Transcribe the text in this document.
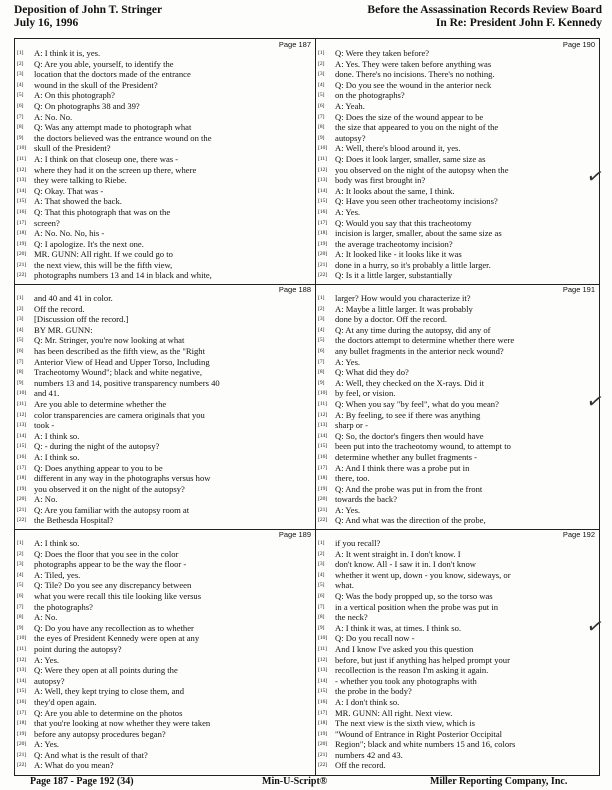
Deposition of John T. Stringer
July 16, 1996
Before the Assassination Records Review Board
In Re: President John F. Kennedy
Page 187
[1] A: I think it is, yes.
[2] Q: Are you able, yourself, to identify the
[3] location that the doctors made of the entrance
[4] wound in the skull of the President?
[5] A: On this photograph?
[6] Q: On photographs 38 and 39?
[7] A: No. No.
[8] Q: Was any attempt made to photograph what
[9] the doctors believed was the entrance wound on the
[10] skull of the President?
[11] A: I think on that closeup one, there was -
[12] where they had it on the screen up there, where
[13] they were talking to Riebe.
[14] Q: Okay. That was -
[15] A: That showed the back.
[16] Q: That this photograph that was on the
[17] screen?
[18] A: No. No. No, his -
[19] Q: I apologize. It's the next one.
[20] MR. GUNN: All right. If we could go to
[21] the next view, this will be the fifth view,
[22] photographs numbers 13 and 14 in black and white,
Page 188
[1] and 40 and 41 in color.
[2] Off the record.
[3] [Discussion off the record.]
[4] BY MR. GUNN:
[5] Q: Mr. Stringer, you're now looking at what
[6] has been described as the fifth view, as the "Right
[7] Anterior View of Head and Upper Torso, Including
[8] Tracheotomy Wound"; black and white negative,
[9] numbers 13 and 14, positive transparency numbers 40
[10] and 41.
[11] Are you able to determine whether the
[12] color transparencies are camera originals that you
[13] took -
[14] A: I think so.
[15] Q: - during the night of the autopsy?
[16] A: I think so.
[17] Q: Does anything appear to you to be
[18] different in any way in the photographs versus how
[19] you observed it on the night of the autopsy?
[20] A: No.
[21] Q: Are you familiar with the autopsy room at
[22] the Bethesda Hospital?
Page 189
[1] A: I think so.
[2] Q: Does the floor that you see in the color
[3] photographs appear to be the way the floor -
[4] A: Tiled, yes.
[5] Q: Tile? Do you see any discrepancy between
[6] what you were recall this tile looking like versus
[7] the photographs?
[8] A: No.
[9] Q: Do you have any recollection as to whether
[10] the eyes of President Kennedy were open at any
[11] point during the autopsy?
[12] A: Yes.
[13] Q: Were they open at all points during the
[14] autopsy?
[15] A: Well, they kept trying to close them, and
[16] they'd open again.
[17] Q: Are you able to determine on the photos
[18] that you're looking at now whether they were taken
[19] before any autopsy procedures began?
[20] A: Yes.
[21] Q: And what is the result of that?
[22] A: What do you mean?
Page 190
[1] Q: Were they taken before?
[2] A: Yes. They were taken before anything was
[3] done. There's no incisions. There's no nothing.
[4] Q: Do you see the wound in the anterior neck
[5] on the photographs?
[6] A: Yeah.
[7] Q: Does the size of the wound appear to be
[8] the size that appeared to you on the night of the
[9] autopsy?
[10] A: Well, there's blood around it, yes.
[11] Q: Does it look larger, smaller, same size as
[12] you observed on the night of the autopsy when the
[13] body was first brought in?
[14] A: It looks about the same, I think.
[15] Q: Have you seen other tracheotomy incisions?
[16] A: Yes.
[17] Q: Would you say that this tracheotomy
[18] incision is larger, smaller, about the same size as
[19] the average tracheotomy incision?
[20] A: It looked like - it looks like it was
[21] done in a hurry, so it's probably a little larger.
[22] Q: Is it a little larger, substantially
Page 191
[1] larger? How would you characterize it?
[2] A: Maybe a little larger. It was probably
[3] done by a doctor. Off the record.
[4] Q: At any time during the autopsy, did any of
[5] the doctors attempt to determine whether there were
[6] any bullet fragments in the anterior neck wound?
[7] A: Yes.
[8] Q: What did they do?
[9] A: Well, they checked on the X-rays. Did it
[10] by feel, or vision.
[11] Q: When you say "by feel", what do you mean?
[12] A: By feeling, to see if there was anything
[13] sharp or -
[14] Q: So, the doctor's fingers then would have
[15] been put into the tracheotomy wound, to attempt to
[16] determine whether any bullet fragments -
[17] A: And I think there was a probe put in
[18] there, too.
[19] Q: And the probe was put in from the front
[20] towards the back?
[21] A: Yes.
[22] Q: And what was the direction of the probe,
Page 192
[1] if you recall?
[2] A: It went straight in. I don't know. I
[3] don't know. All - I saw it in. I don't know
[4] whether it went up, down - you know, sideways, or
[5] what.
[6] Q: Was the body propped up, so the torso was
[7] in a vertical position when the probe was put in
[8] the neck?
[9] A: I think it was, at times. I think so.
[10] Q: Do you recall now -
[11] And I know I've asked you this question
[12] before, but just if anything has helped prompt your
[13] recollection is the reason I'm asking it again.
[14] - whether you took any photographs with
[15] the probe in the body?
[16] A: I don't think so.
[17] MR. GUNN: All right. Next view.
[18] The next view is the sixth view, which is
[19] "Wound of Entrance in Right Posterior Occipital
[20] Region"; black and white numbers 15 and 16, colors
[21] numbers 42 and 43.
[22] Off the record.
✓
✓
✓
Page 187 - Page 192 (34)	Min-U-Script®	Miller Reporting Company, Inc.
